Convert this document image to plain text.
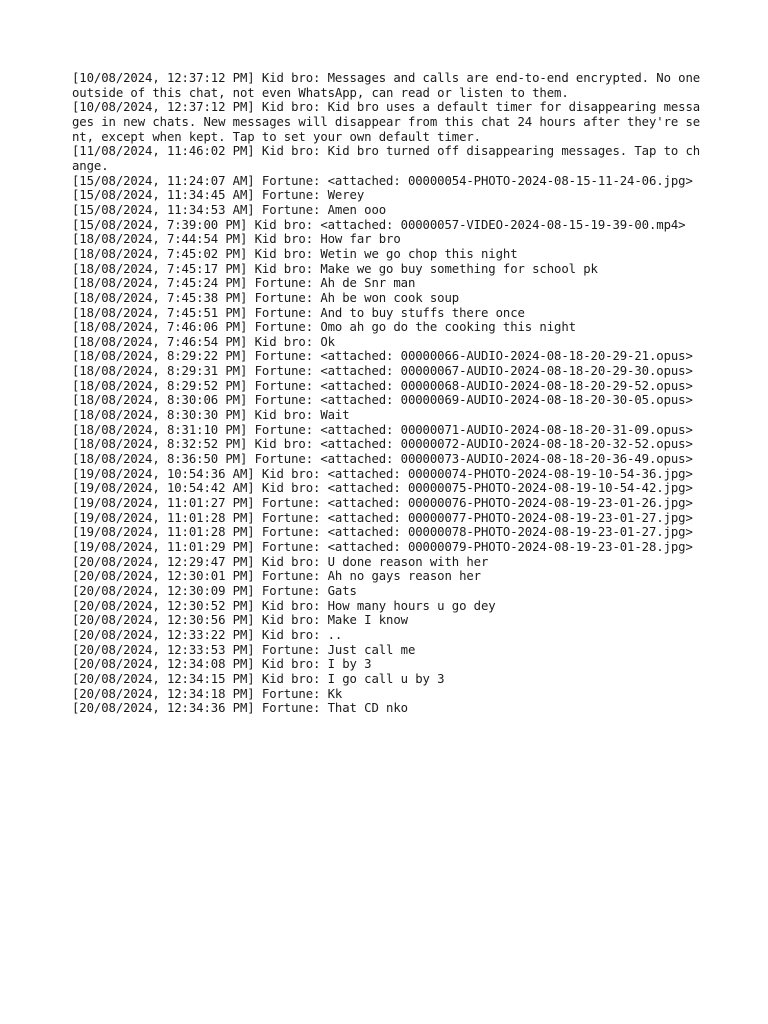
[10/08/2024, 12:37:12 PM] Kid bro: Messages and calls are end-to-end encrypted. No one outside of this chat, not even WhatsApp, can read or listen to them.

[10/08/2024, 12:37:12 PM] Kid bro: Kid bro uses a default timer for disappearing messages in new chats. New messages will disappear from this chat 24 hours after they're sent, except when kept. Tap to set your own default timer.

[11/08/2024, 11:46:02 PM] Kid bro: Kid bro turned off disappearing messages. Tap to change.

[15/08/2024, 11:24:07 AM] Fortune: <attached: 00000054-PHOTO-2024-08-15-11-24-06.jpg>

[15/08/2024, 11:34:45 AM] Fortune: Werey

[15/08/2024, 11:34:53 AM] Fortune: Amen ooo

[15/08/2024, 7:39:00 PM] Kid bro: <attached: 00000057-VIDEO-2024-08-15-19-39-00.mp4>

[18/08/2024, 7:44:54 PM] Kid bro: How far bro

[18/08/2024, 7:45:02 PM] Kid bro: Wetin we go chop this night

[18/08/2024, 7:45:17 PM] Kid bro: Make we go buy something for school pk

[18/08/2024, 7:45:24 PM] Fortune: Ah de Snr man

[18/08/2024, 7:45:38 PM] Fortune: Ah be won cook soup

[18/08/2024, 7:45:51 PM] Fortune: And to buy stuffs there once

[18/08/2024, 7:46:06 PM] Fortune: Omo ah go do the cooking this night

[18/08/2024, 7:46:54 PM] Kid bro: Ok

[18/08/2024, 8:29:22 PM] Fortune: <attached: 00000066-AUDIO-2024-08-18-20-29-21.opus>

[18/08/2024, 8:29:31 PM] Fortune: <attached: 00000067-AUDIO-2024-08-18-20-29-30.opus>

[18/08/2024, 8:29:52 PM] Fortune: <attached: 00000068-AUDIO-2024-08-18-20-29-52.opus>

[18/08/2024, 8:30:06 PM] Fortune: <attached: 00000069-AUDIO-2024-08-18-20-30-05.opus>

[18/08/2024, 8:30:30 PM] Kid bro: Wait

[18/08/2024, 8:31:10 PM] Fortune: <attached: 00000071-AUDIO-2024-08-18-20-31-09.opus>

[18/08/2024, 8:32:52 PM] Kid bro: <attached: 00000072-AUDIO-2024-08-18-20-32-52.opus>

[18/08/2024, 8:36:50 PM] Fortune: <attached: 00000073-AUDIO-2024-08-18-20-36-49.opus>

[19/08/2024, 10:54:36 AM] Kid bro: <attached: 00000074-PHOTO-2024-08-19-10-54-36.jpg>

[19/08/2024, 10:54:42 AM] Kid bro: <attached: 00000075-PHOTO-2024-08-19-10-54-42.jpg>

[19/08/2024, 11:01:27 PM] Fortune: <attached: 00000076-PHOTO-2024-08-19-23-01-26.jpg>

[19/08/2024, 11:01:28 PM] Fortune: <attached: 00000077-PHOTO-2024-08-19-23-01-27.jpg>

[19/08/2024, 11:01:28 PM] Fortune: <attached: 00000078-PHOTO-2024-08-19-23-01-27.jpg>

[19/08/2024, 11:01:29 PM] Fortune: <attached: 00000079-PHOTO-2024-08-19-23-01-28.jpg>

[20/08/2024, 12:29:47 PM] Kid bro: U done reason with her

[20/08/2024, 12:30:01 PM] Fortune: Ah no gays reason her

[20/08/2024, 12:30:09 PM] Fortune: Gats

[20/08/2024, 12:30:52 PM] Kid bro: How many hours u go dey

[20/08/2024, 12:30:56 PM] Kid bro: Make I know

[20/08/2024, 12:33:22 PM] Kid bro: ..

[20/08/2024, 12:33:53 PM] Fortune: Just call me

[20/08/2024, 12:34:08 PM] Kid bro: I by 3

[20/08/2024, 12:34:15 PM] Kid bro: I go call u by 3

[20/08/2024, 12:34:18 PM] Fortune: Kk

[20/08/2024, 12:34:36 PM] Fortune: That CD nko
